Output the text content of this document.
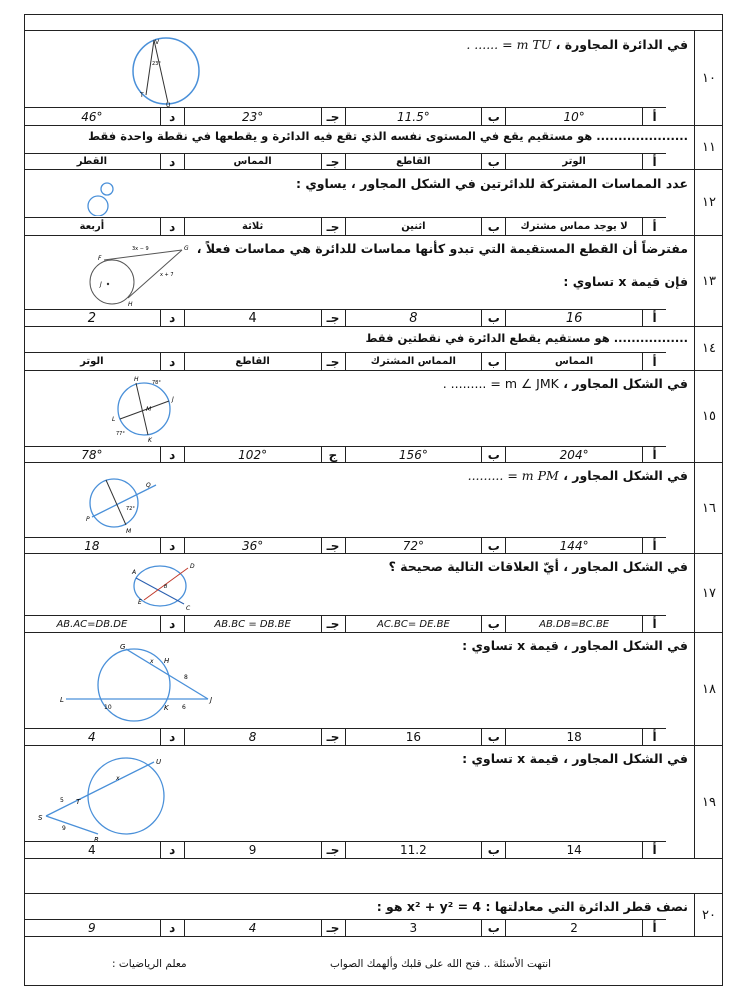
في الدائرة المجاورة ، m TU = ...... .
V
T
U
23°
أ
10°
ب
11.5°
جـ
23°
د
46°
١٠
..................... هو مستقيم يقع في المستوى نفسه الذي تقع فيه الدائرة و يقطعها في نقطة واحدة فقط
أ
الوتر
ب
القاطع
جـ
المماس
د
القطر
١١
عدد المماسات المشتركة للدائرتين في الشكل المجاور ، يساوي :
أ
لا يوجد مماس مشترك
ب
اثنين
جـ
ثلاثة
د
أربعة
١٢
مفترضاً أن القطع المستقيمة التي تبدو كأنها مماسات للدائرة هي مماسات فعلاً ،
فإن قيمة x تساوي :
F
G
H
J
3x − 9
x + 7
أ
16
ب
8
جـ
4
د
2
١٣
................. هو مستقيم يقطع الدائرة في نقطتين فقط
أ
المماس
ب
المماس المشترك
جـ
القاطع
د
الوتر
١٤
في الشكل المجاور ، m ∠ JMK = ......... .
H
J
L
M
K
78°
77°
أ
204°
ب
156°
ج
102°
د
78°
١٥
في الشكل المجاور ، m PM = .........
P
Q
M
72°
أ
144°
ب
72°
جـ
36°
د
18
١٦
في الشكل المجاور ، أيّ العلاقات التالية صحيحة ؟
A
B
C
D
E
أ
AB.DB=BC.BE
ب
AC.BC= DE.BE
جـ
AB.BC = DB.BE
د
AB.AC=DB.DE
١٧
في الشكل المجاور ، قيمة x تساوي :
G
H
L
K
J
x
8
10	6
أ
18
ب
16
جـ
8
د
4
١٨
في الشكل المجاور ، قيمة x تساوي :
S
U
T
R
x
5
9
أ
14
ب
11.2
جـ
9
د
4
١٩
نصف قطر الدائرة التي معادلتها : x² + y² = 4 هو :
أ
2
ب
3
جـ
4
د
9
٢٠
انتهت الأسئلة .. فتح الله على قلبك وألهمك الصواب
معلم الرياضيات :
